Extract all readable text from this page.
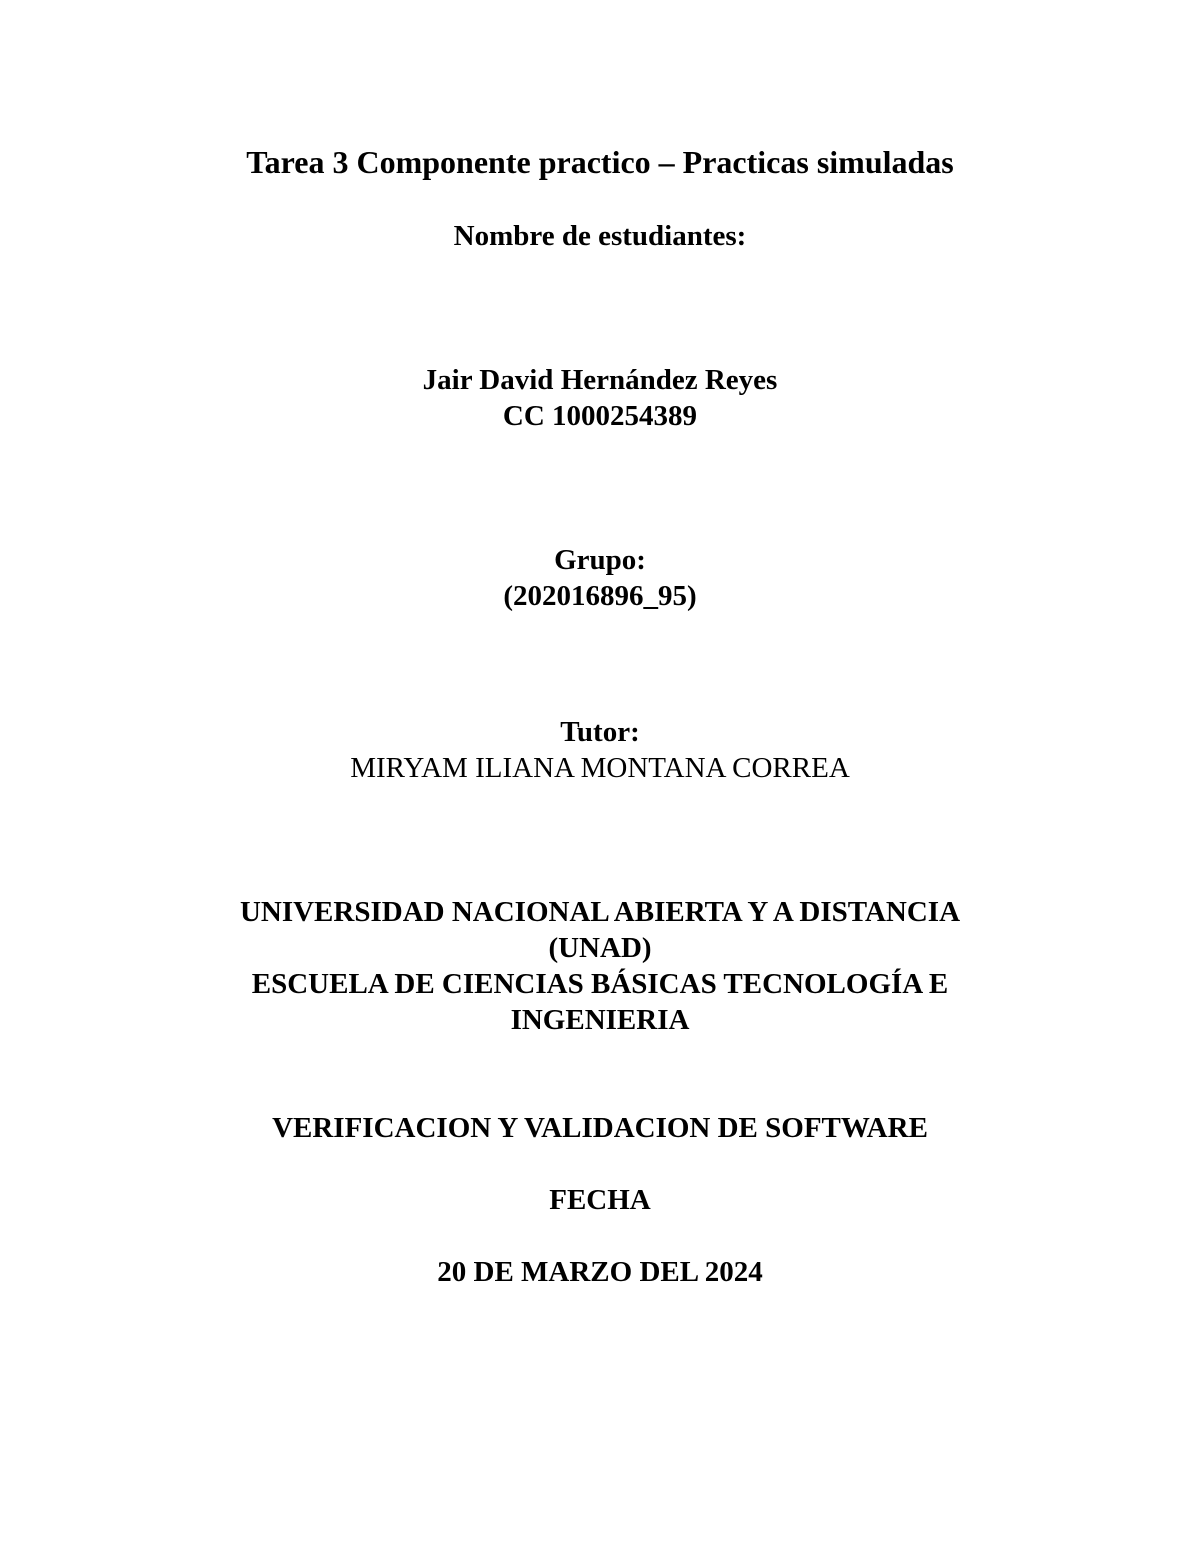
Tarea 3 Componente practico – Practicas simuladas
Nombre de estudiantes:
Jair David Hernández Reyes
CC 1000254389
Grupo:
(202016896_95)
Tutor:
MIRYAM ILIANA MONTANA CORREA
UNIVERSIDAD NACIONAL ABIERTA Y A DISTANCIA
(UNAD)
ESCUELA DE CIENCIAS BÁSICAS TECNOLOGÍA E
INGENIERIA
VERIFICACION Y VALIDACION DE SOFTWARE
FECHA
20 DE MARZO DEL 2024
